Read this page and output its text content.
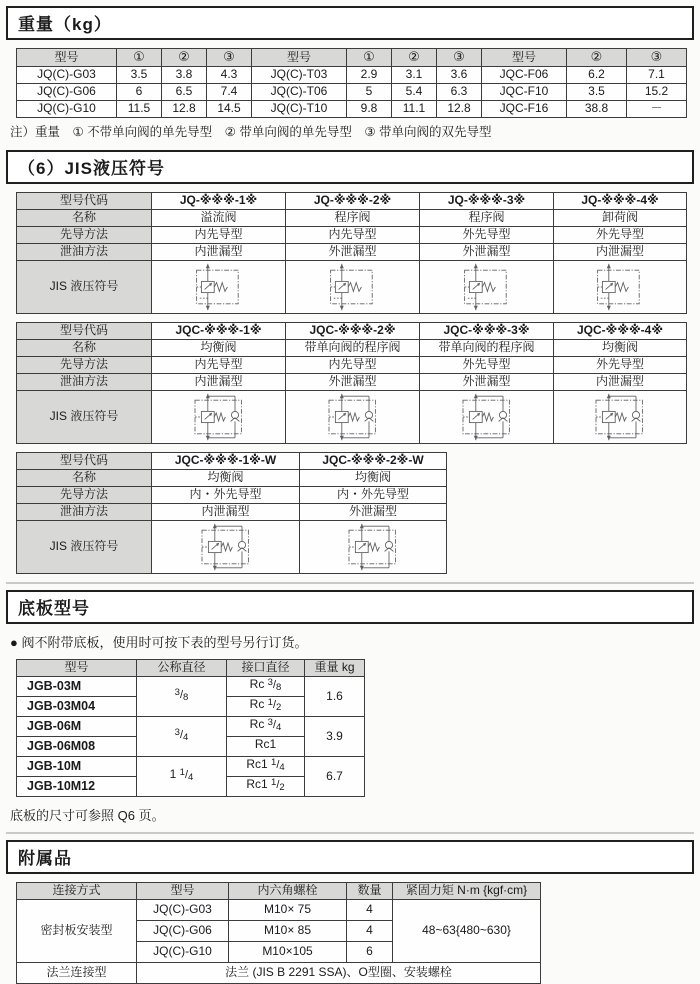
重量（kg）
型号	①	②	③	型号	①	②	③	型号	②	③
JQ(C)-G03	3.5	3.8	4.3	JQ(C)-T03	2.9	3.1	3.6	JQC-F06	6.2	7.1
JQ(C)-G06	6	6.5	7.4	JQ(C)-T06	5	5.4	6.3	JQC-F10	3.5	15.2
JQ(C)-G10	11.5	12.8	14.5	JQ(C)-T10	9.8	11.1	12.8	JQC-F16	38.8	－
注）重量　① 不带单向阀的单先导型　② 带单向阀的单先导型　③ 带单向阀的双先导型
（6）JIS液压符号
型号代码	JQ-※※※-1※	JQ-※※※-2※	JQ-※※※-3※	JQ-※※※-4※
名称	溢流阀	程序阀	程序阀	卸荷阀
先导方法	内先导型	内先导型	外先导型	外先导型
泄油方法	内泄漏型	外泄漏型	外泄漏型	内泄漏型
JIS 液压符号	

型号代码	JQC-※※※-1※	JQC-※※※-2※	JQC-※※※-3※	JQC-※※※-4※
名称	均衡阀	带单向阀的程序阀	带单向阀的程序阀	均衡阀
先导方法	内先导型	内先导型	外先导型	外先导型
泄油方法	内泄漏型	外泄漏型	外泄漏型	内泄漏型
JIS 液压符号	

型号代码	JQC-※※※-1※-W	JQC-※※※-2※-W
名称	均衡阀	均衡阀
先导方法	内・外先导型	内・外先导型
泄油方法	内泄漏型	外泄漏型
JIS 液压符号	

底板型号
● 阀不附带底板，使用时可按下表的型号另行订货。
型号	公称直径	接口直径	重量 kg
JGB-03M	$^3$/8	Rc $^3$/8	1.6
JGB-03M04		Rc $^1$/2	
JGB-06M	$^3$/4	Rc $^3$/4	3.9
JGB-06M08		Rc1	
JGB-10M	1 $^1$/4	Rc1 $^1$/4	6.7
JGB-10M12		Rc1 $^1$/2	
底板的尺寸可参照 Q6 页。
附属品
连接方式	型号	内六角螺栓	数量	紧固力矩 N·m {kgf·cm}
密封板安装型	JQ(C)-G03	M10× 75	4	48~63{480~630}
	JQ(C)-G06	M10× 85	4	
	JQ(C)-G10	M10×105	6	
法兰连接型	法兰 (JIS B 2291 SSA)、O型圈、安装螺栓			
